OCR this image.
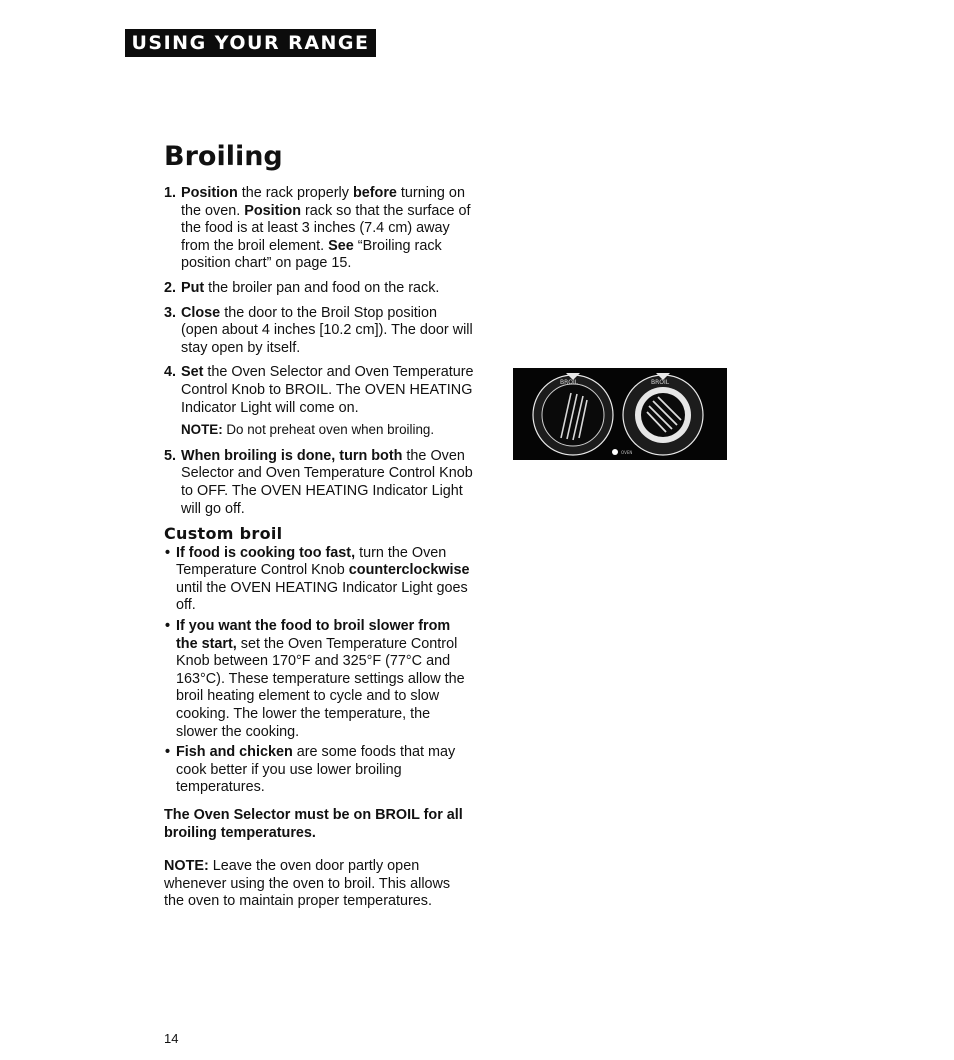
USING YOUR RANGE
Broiling
1. Position the rack properly before turning on the oven. Position rack so that the surface of the food is at least 3 inches (7.4 cm) away from the broil element. See “Broiling rack position chart” on page 15.
2. Put the broiler pan and food on the rack.
3. Close the door to the Broil Stop position (open about 4 inches [10.2 cm]). The door will stay open by itself.
4. Set the Oven Selector and Oven Temperature Control Knob to BROIL. The OVEN HEATING Indicator Light will come on.
NOTE: Do not preheat oven when broiling.
5. When broiling is done, turn both the Oven Selector and Oven Temperature Control Knob to OFF. The OVEN HEATING Indicator Light will go off.
Custom broil
• If food is cooking too fast, turn the Oven Temperature Control Knob counterclockwise until the OVEN HEATING Indicator Light goes off.
• If you want the food to broil slower from the start, set the Oven Temperature Control Knob between 170°F and 325°F (77°C and 163°C). These temperature settings allow the broil heating element to cycle and to slow cooking. The lower the temperature, the slower the cooking.
• Fish and chicken are some foods that may cook better if you use lower broiling temperatures.
The Oven Selector must be on BROIL for all broiling temperatures.
NOTE: Leave the oven door partly open whenever using the oven to broil. This allows the oven to maintain proper temperatures.
BROIL	BROIL
OVEN
14
